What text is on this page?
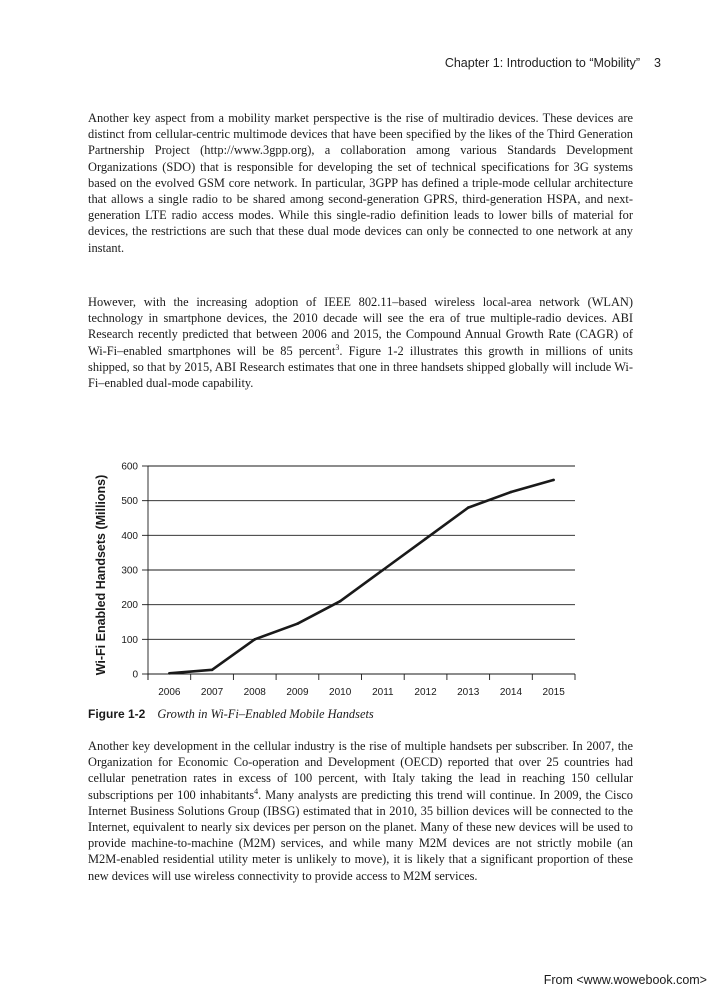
Chapter 1: Introduction to “Mobility” 3

Another key aspect from a mobility market perspective is the rise of multiradio devices. These devices are distinct from cellular-centric multimode devices that have been specified by the likes of the Third Generation Partnership Project (http://www.3gpp.org), a collaboration among various Standards Development Organizations (SDO) that is responsible for developing the set of technical specifications for 3G systems based on the evolved GSM core network. In particular, 3GPP has defined a triple-mode cellular architecture that allows a single radio to be shared among second-generation GPRS, third-generation HSPA, and next-generation LTE radio access modes. While this single-radio definition leads to lower bills of material for devices, the restrictions are such that these dual mode devices can only be connected to one network at any instant.

However, with the increasing adoption of IEEE 802.11–based wireless local-area network (WLAN) technology in smartphone devices, the 2010 decade will see the era of true multiple-radio devices. ABI Research recently predicted that between 2006 and 2015, the Compound Annual Growth Rate (CAGR) of Wi-Fi–enabled smartphones will be 85 percent$^3$. Figure 1-2 illustrates this growth in millions of units shipped, so that by 2015, ABI Research estimates that one in three handsets shipped globally will include Wi-Fi–enabled dual-mode capability.

0
100
200
300
400
500
600
2006 2007 2008 2009 2010 2011 2012 2013 2014 2015
Wi-Fi Enabled Handsets (Millions)
Figure 1-2 Growth in Wi-Fi–Enabled Mobile Handsets

Another key development in the cellular industry is the rise of multiple handsets per subscriber. In 2007, the Organization for Economic Co-operation and Development (OECD) reported that over 25 countries had cellular penetration rates in excess of 100 percent, with Italy taking the lead in reaching 150 cellular subscriptions per 100 inhabitants$^4$. Many analysts are predicting this trend will continue. In 2009, the Cisco Internet Business Solutions Group (IBSG) estimated that in 2010, 35 billion devices will be connected to the Internet, equivalent to nearly six devices per person on the planet. Many of these new devices will be used to provide machine-to-machine (M2M) services, and while many M2M devices are not strictly mobile (an M2M-enabled residential utility meter is unlikely to move), it is likely that a significant proportion of these new devices will use wireless connectivity to provide access to M2M services.

From <www.wowebook.com>
